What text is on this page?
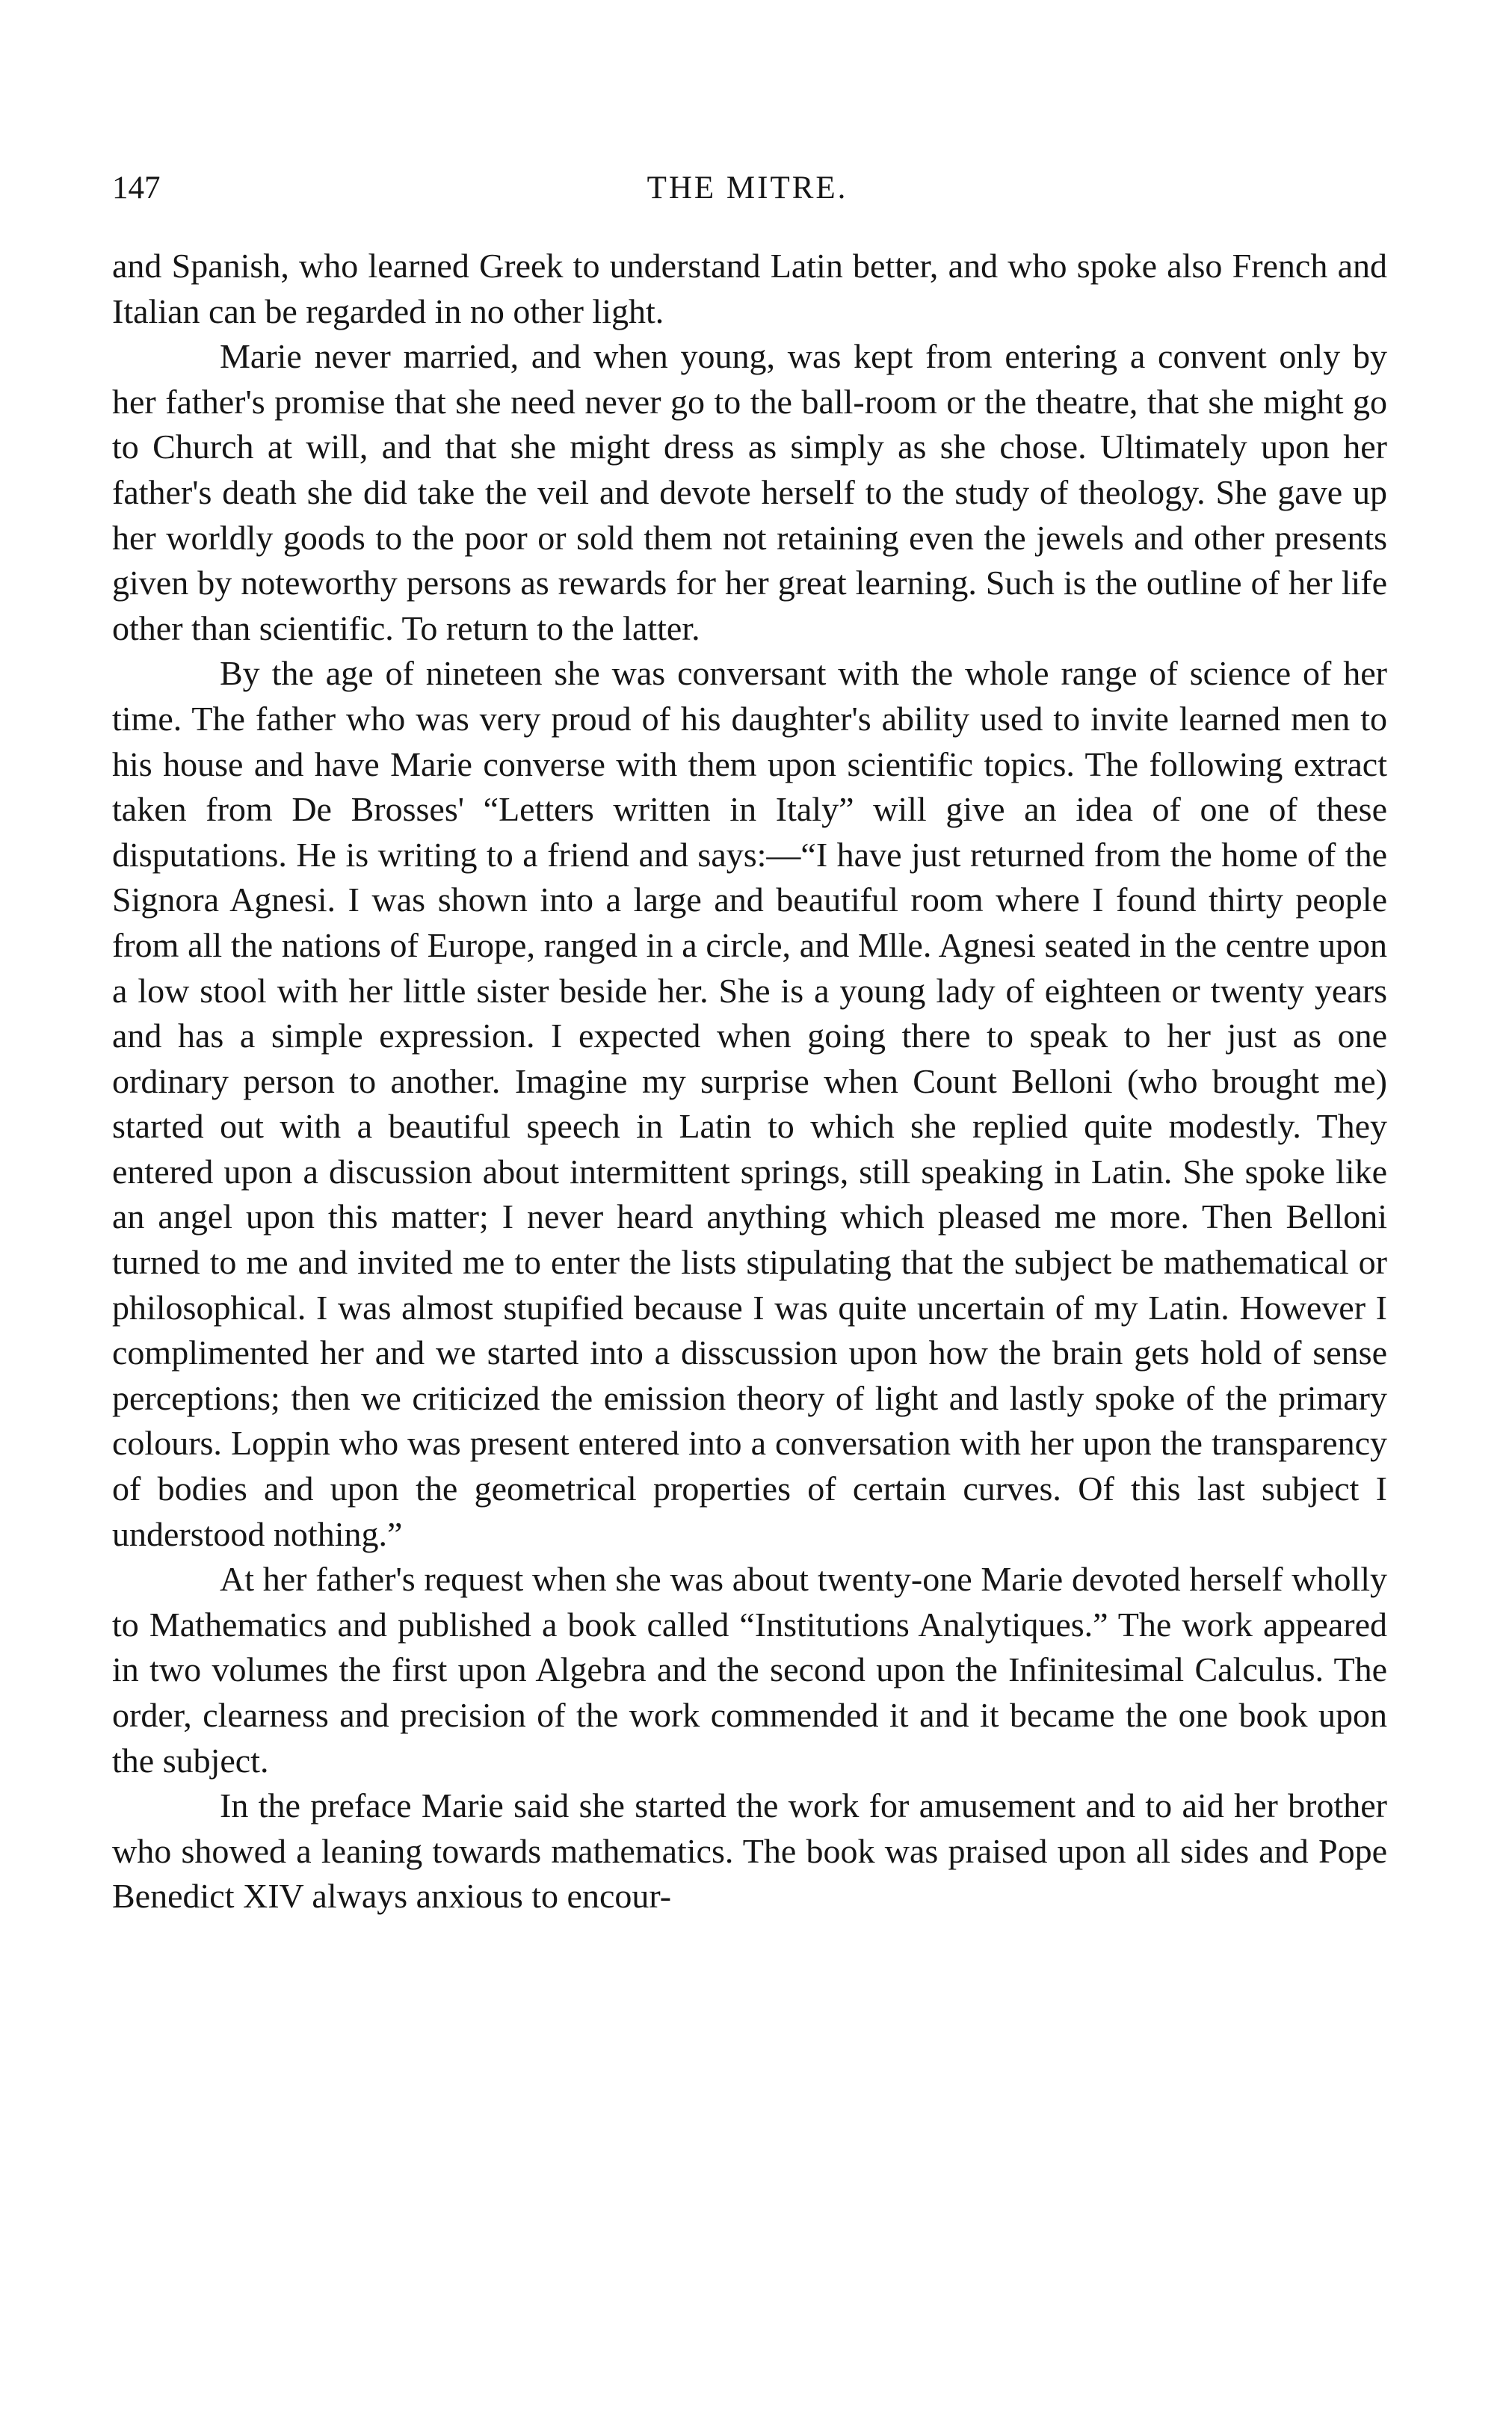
147	THE MITRE.

and Spanish, who learned Greek to understand Latin better, and who spoke also French and Italian can be regarded in no other light.

Marie never married, and when young, was kept from entering a convent only by her father's promise that she need never go to the ball-room or the theatre, that she might go to Church at will, and that she might dress as simply as she chose. Ultimately upon her father's death she did take the veil and devote herself to the study of theology. She gave up her worldly goods to the poor or sold them not retaining even the jewels and other presents given by noteworthy persons as rewards for her great learning. Such is the outline of her life other than scientific. To return to the latter.

By the age of nineteen she was conversant with the whole range of science of her time. The father who was very proud of his daughter's ability used to invite learned men to his house and have Marie converse with them upon scientific topics. The following extract taken from De Brosses' “Letters written in Italy” will give an idea of one of these disputations. He is writing to a friend and says:—“I have just returned from the home of the Signora Agnesi. I was shown into a large and beautiful room where I found thirty people from all the nations of Europe, ranged in a circle, and Mlle. Agnesi seated in the centre upon a low stool with her little sister beside her. She is a young lady of eighteen or twenty years and has a simple expression. I expected when going there to speak to her just as one ordinary person to another. Imagine my surprise when Count Belloni (who brought me) started out with a beautiful speech in Latin to which she replied quite modestly. They entered upon a discussion about intermittent springs, still speaking in Latin. She spoke like an angel upon this matter; I never heard anything which pleased me more. Then Belloni turned to me and invited me to enter the lists stipulating that the subject be mathematical or philosophical. I was almost stupified because I was quite uncertain of my Latin. However I complimented her and we started into a disscussion upon how the brain gets hold of sense perceptions; then we criticized the emission theory of light and lastly spoke of the primary colours. Loppin who was present entered into a conversation with her upon the transparency of bodies and upon the geometrical properties of certain curves. Of this last subject I understood nothing.”

At her father's request when she was about twenty-one Marie devoted herself wholly to Mathematics and published a book called “Institutions Analytiques.” The work appeared in two volumes the first upon Algebra and the second upon the Infinitesimal Calculus. The order, clearness and precision of the work commended it and it became the one book upon the subject.

In the preface Marie said she started the work for amusement and to aid her brother who showed a leaning towards mathematics. The book was praised upon all sides and Pope Benedict XIV always anxious to encour-
